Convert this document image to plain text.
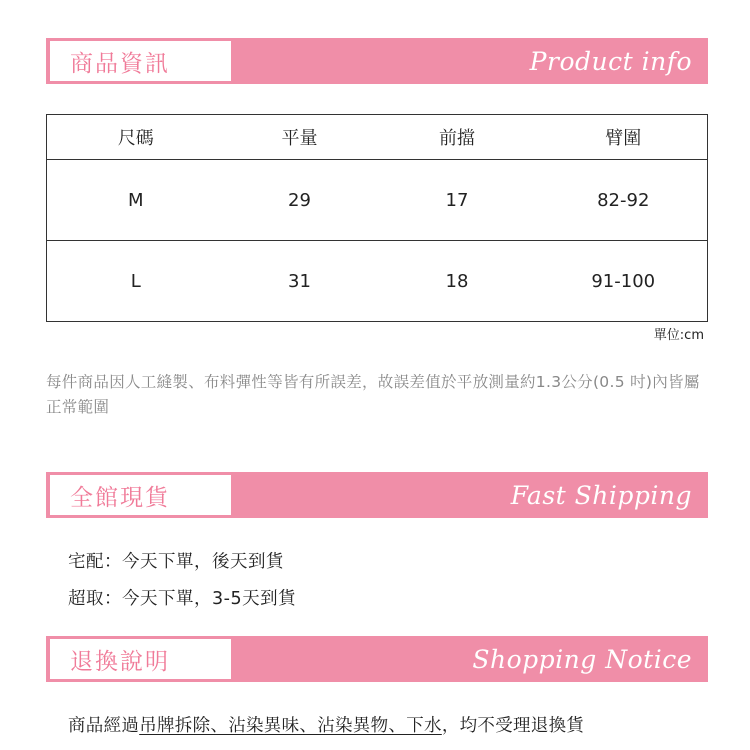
商品資訊	Product info
尺碼	平量	前擋	臂圍
M	29	17	82-92
L	31	18	91-100
單位:cm
每件商品因人工縫製、布料彈性等皆有所誤差，故誤差值於平放測量約1.3公分(0.5 吋)內皆屬正常範圍
全館現貨	Fast Shipping
宅配：今天下單，後天到貨
超取：今天下單，3-5天到貨
退換說明	Shopping Notice
商品經過吊牌拆除、沾染異味、沾染異物、下水，均不受理退換貨
